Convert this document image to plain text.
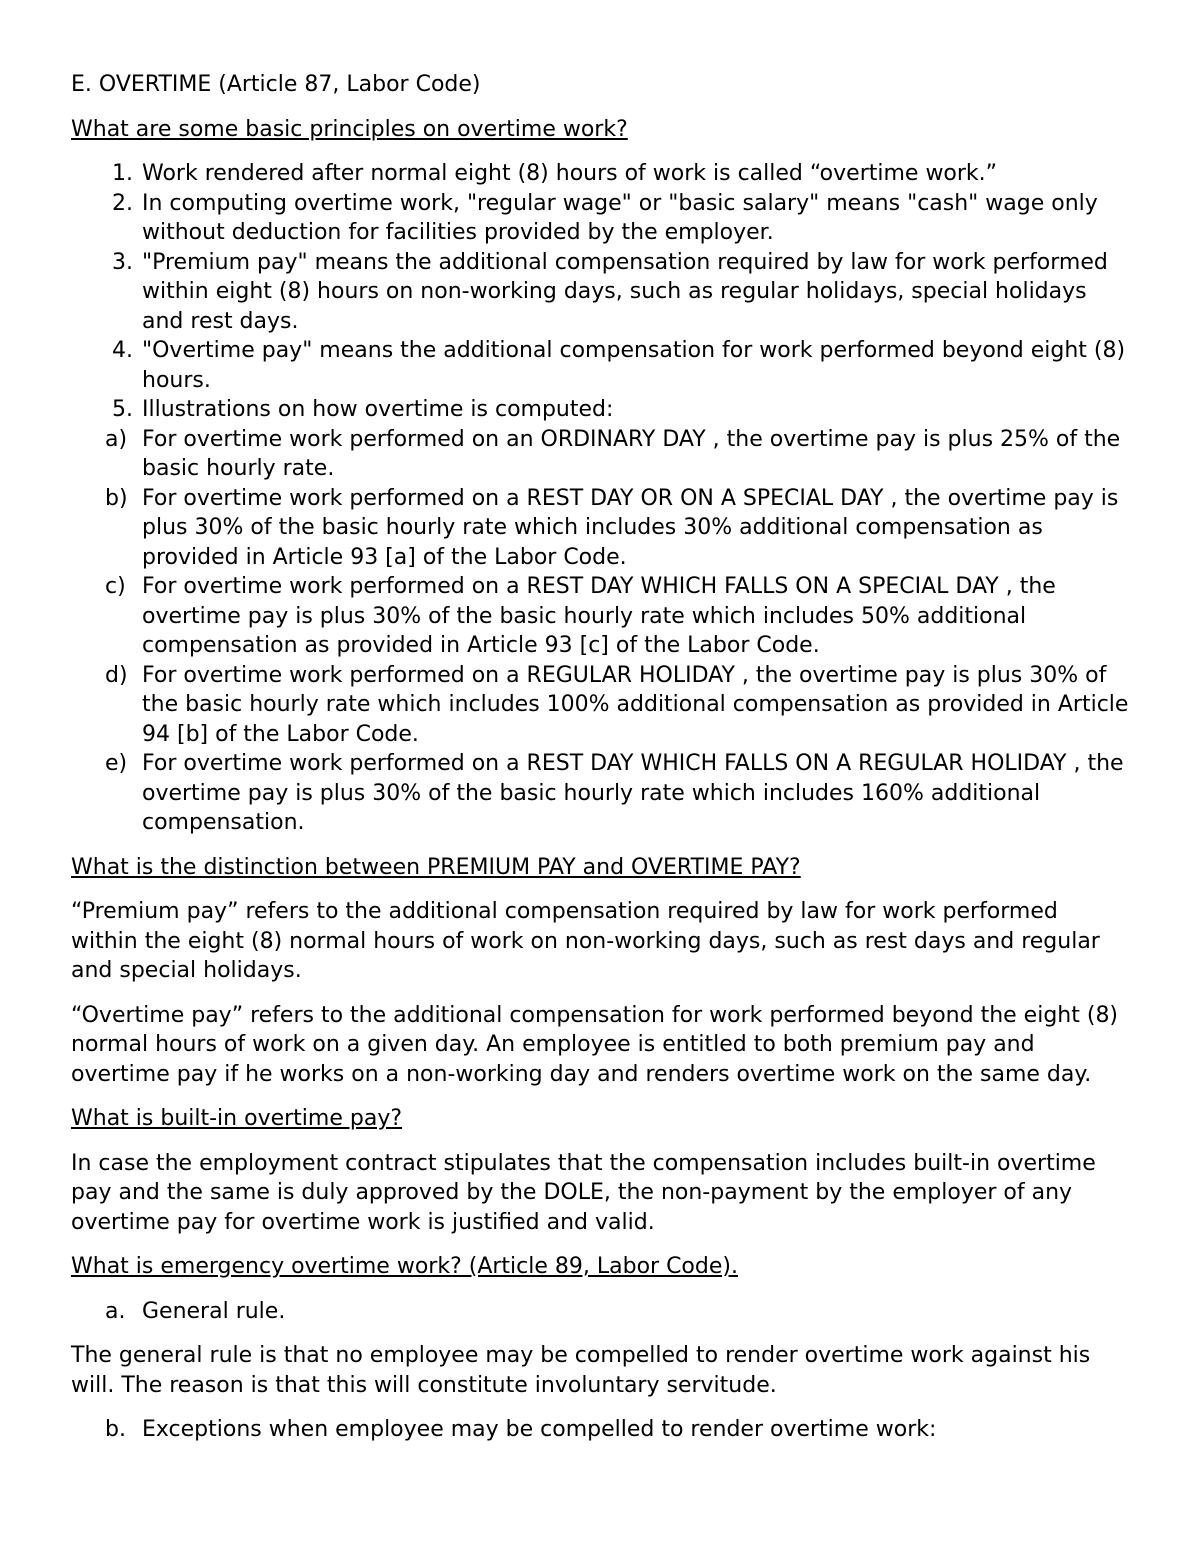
E. OVERTIME (Article 87, Labor Code)

What are some basic principles on overtime work?

1. Work rendered after normal eight (8) hours of work is called “overtime work.”
2. In computing overtime work, "regular wage" or "basic salary" means "cash" wage only without deduction for facilities provided by the employer.
3. "Premium pay" means the additional compensation required by law for work performed within eight (8) hours on non-working days, such as regular holidays, special holidays and rest days.
4. "Overtime pay" means the additional compensation for work performed beyond eight (8) hours.
5. Illustrations on how overtime is computed:
a) For overtime work performed on an ORDINARY DAY , the overtime pay is plus 25% of the basic hourly rate.
b) For overtime work performed on a REST DAY OR ON A SPECIAL DAY , the overtime pay is plus 30% of the basic hourly rate which includes 30% additional compensation as provided in Article 93 [a] of the Labor Code.
c) For overtime work performed on a REST DAY WHICH FALLS ON A SPECIAL DAY , the overtime pay is plus 30% of the basic hourly rate which includes 50% additional compensation as provided in Article 93 [c] of the Labor Code.
d) For overtime work performed on a REGULAR HOLIDAY , the overtime pay is plus 30% of the basic hourly rate which includes 100% additional compensation as provided in Article 94 [b] of the Labor Code.
e) For overtime work performed on a REST DAY WHICH FALLS ON A REGULAR HOLIDAY , the overtime pay is plus 30% of the basic hourly rate which includes 160% additional compensation.

What is the distinction between PREMIUM PAY and OVERTIME PAY?

“Premium pay” refers to the additional compensation required by law for work performed within the eight (8) normal hours of work on non-working days, such as rest days and regular and special holidays.

“Overtime pay” refers to the additional compensation for work performed beyond the eight (8) normal hours of work on a given day. An employee is entitled to both premium pay and overtime pay if he works on a non-working day and renders overtime work on the same day.

What is built-in overtime pay?

In case the employment contract stipulates that the compensation includes built-in overtime pay and the same is duly approved by the DOLE, the non-payment by the employer of any overtime pay for overtime work is justified and valid.

What is emergency overtime work? (Article 89, Labor Code).

a. General rule.

The general rule is that no employee may be compelled to render overtime work against his will. The reason is that this will constitute involuntary servitude.

b. Exceptions when employee may be compelled to render overtime work:
